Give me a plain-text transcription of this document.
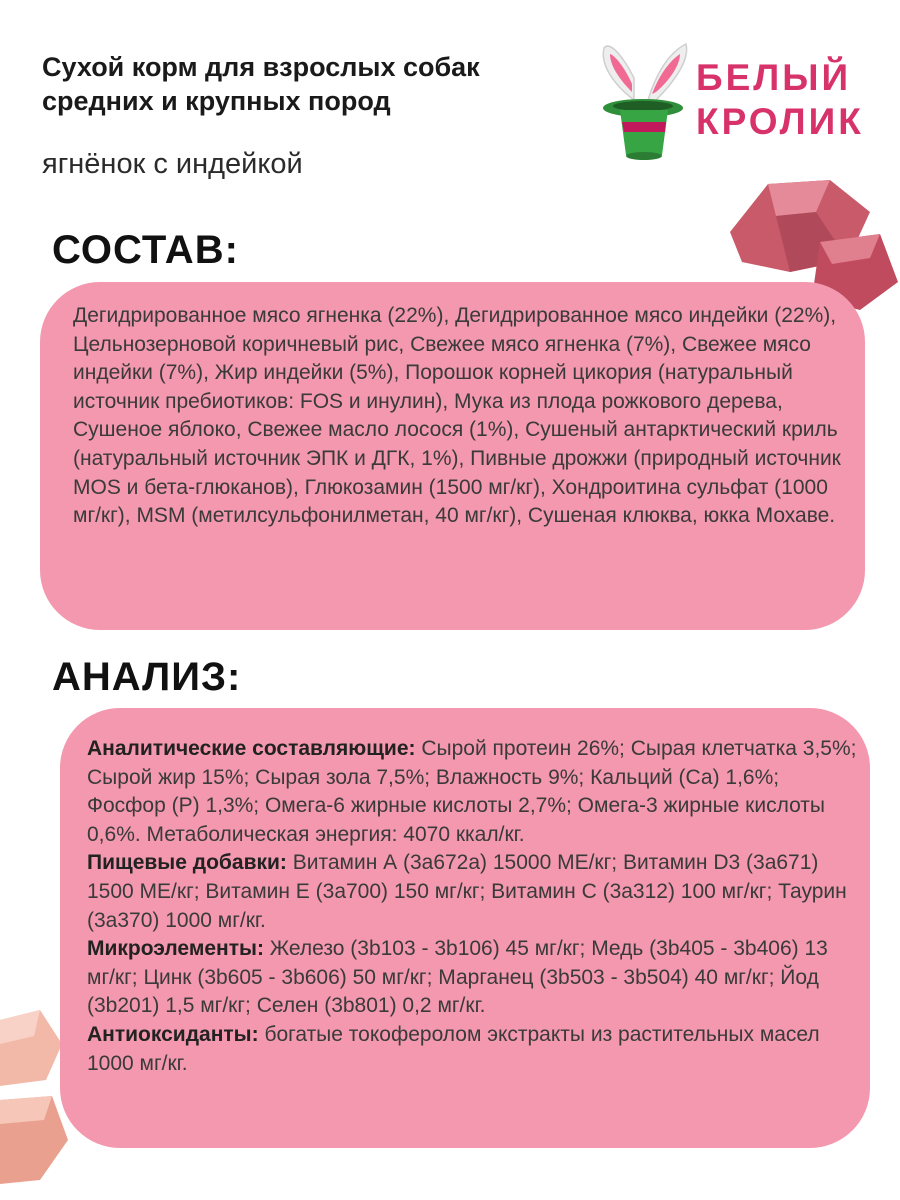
Сухой корм для взрослых собак
средних и крупных пород
ягнёнок с индейкой
БЕЛЫЙ
КРОЛИК
СОСТАВ:
Дегидрированное мясо ягненка (22%), Дегидрированное мясо индейки (22%), Цельнозерновой коричневый рис, Свежее мясо ягненка (7%), Свежее мясо индейки (7%), Жир индейки (5%), Порошок корней цикория (натуральный источник пребиотиков: FOS и инулин), Мука из плода рожкового дерева, Сушеное яблоко, Свежее масло лосося (1%), Сушеный антарктический криль (натуральный источник ЭПК и ДГК, 1%), Пивные дрожжи (природный источник MOS и бета-глюканов), Глюкозамин (1500 мг/кг), Хондроитина сульфат (1000 мг/кг), MSM (метилсульфонилметан, 40 мг/кг), Сушеная клюква, юкка Мохаве.
АНАЛИЗ:

Аналитические составляющие: Сырой протеин 26%; Сырая клетчатка 3,5%; Сырой жир 15%; Сырая зола 7,5%; Влажность 9%; Кальций (Са) 1,6%; Фосфор (Р) 1,3%; Омега-6 жирные кислоты 2,7%; Омега-3 жирные кислоты 0,6%. Метаболическая энергия: 4070 ккал/кг.

Пищевые добавки: Витамин А (3а672а) 15000 МЕ/кг; Витамин D3 (3а671) 1500 МЕ/кг; Витамин Е (3а700) 150 мг/кг; Витамин С (3а312) 100 мг/кг; Таурин (3а370) 1000 мг/кг.

Микроэлементы: Железо (3b103 - 3b106) 45 мг/кг; Медь (3b405 - 3b406) 13 мг/кг; Цинк (3b605 - 3b606) 50 мг/кг; Марганец (3b503 - 3b504) 40 мг/кг; Йод (3b201) 1,5 мг/кг; Селен (3b801) 0,2 мг/кг.

Антиоксиданты: богатые токоферолом экстракты из растительных масел 1000 мг/кг.
